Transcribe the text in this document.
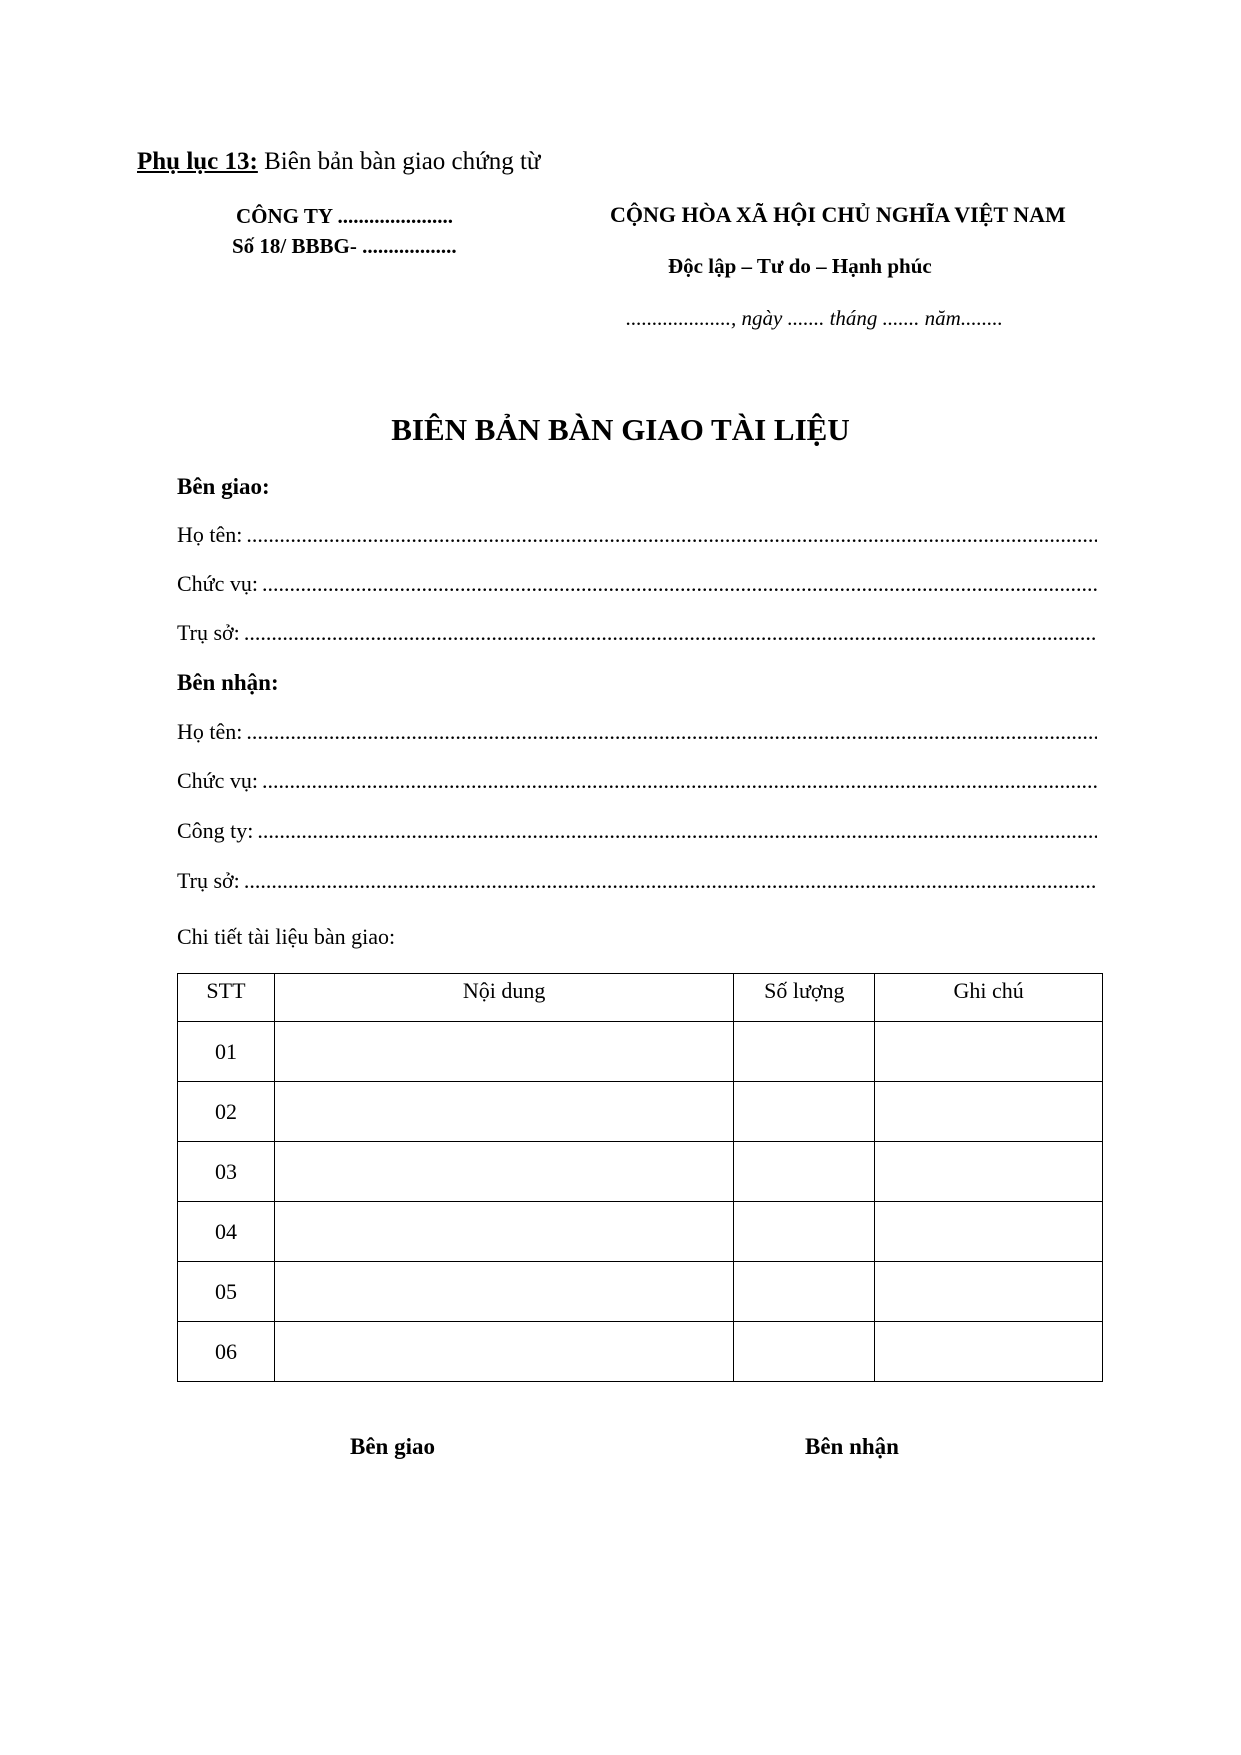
Phụ lục 13: Biên bản bàn giao chứng từ
CÔNG TY ......................
Số 18/ BBBG- ..................
CỘNG HÒA XÃ HỘI CHỦ NGHĨA VIỆT NAM
Độc lập – Tư do – Hạnh phúc
...................., ngày ....... tháng ....... năm........
BIÊN BẢN BÀN GIAO TÀI LIỆU
Bên giao:
Họ tên:
.....
Chức vụ:
.....
Trụ sở:
.....
Bên nhận:
Họ tên:
.....
Chức vụ:
.....
Công ty:
.....
Trụ sở:
.....
Chi tiết tài liệu bàn giao:
STT	Nội dung	Số lượng	Ghi chú
01			
02			
03			
04			
05			
06			
Bên giao	Bên nhận
